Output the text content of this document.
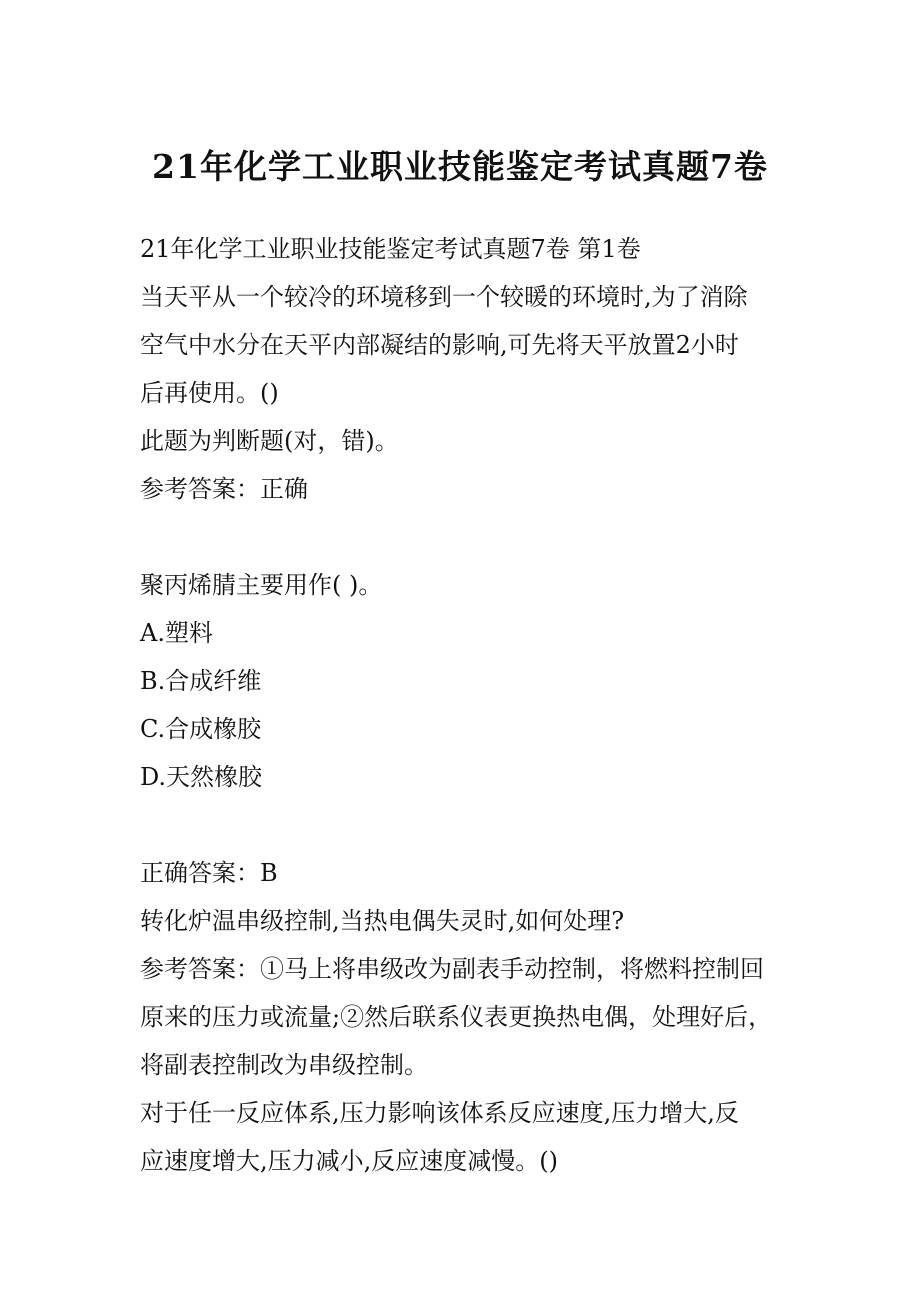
21年化学工业职业技能鉴定考试真题7卷

21年化学工业职业技能鉴定考试真题7卷 第1卷

当天平从一个较冷的环境移到一个较暖的环境时,为了消除

空气中水分在天平内部凝结的影响,可先将天平放置2小时

后再使用。()

此题为判断题(对，错)。

参考答案：正确

聚丙烯腈主要用作( )。

A.塑料

B.合成纤维

C.合成橡胶

D.天然橡胶

正确答案：B

转化炉温串级控制,当热电偶失灵时,如何处理?

参考答案：①马上将串级改为副表手动控制，将燃料控制回

原来的压力或流量;②然后联系仪表更换热电偶，处理好后，

将副表控制改为串级控制。

对于任一反应体系,压力影响该体系反应速度,压力增大,反

应速度增大,压力减小,反应速度减慢。()
